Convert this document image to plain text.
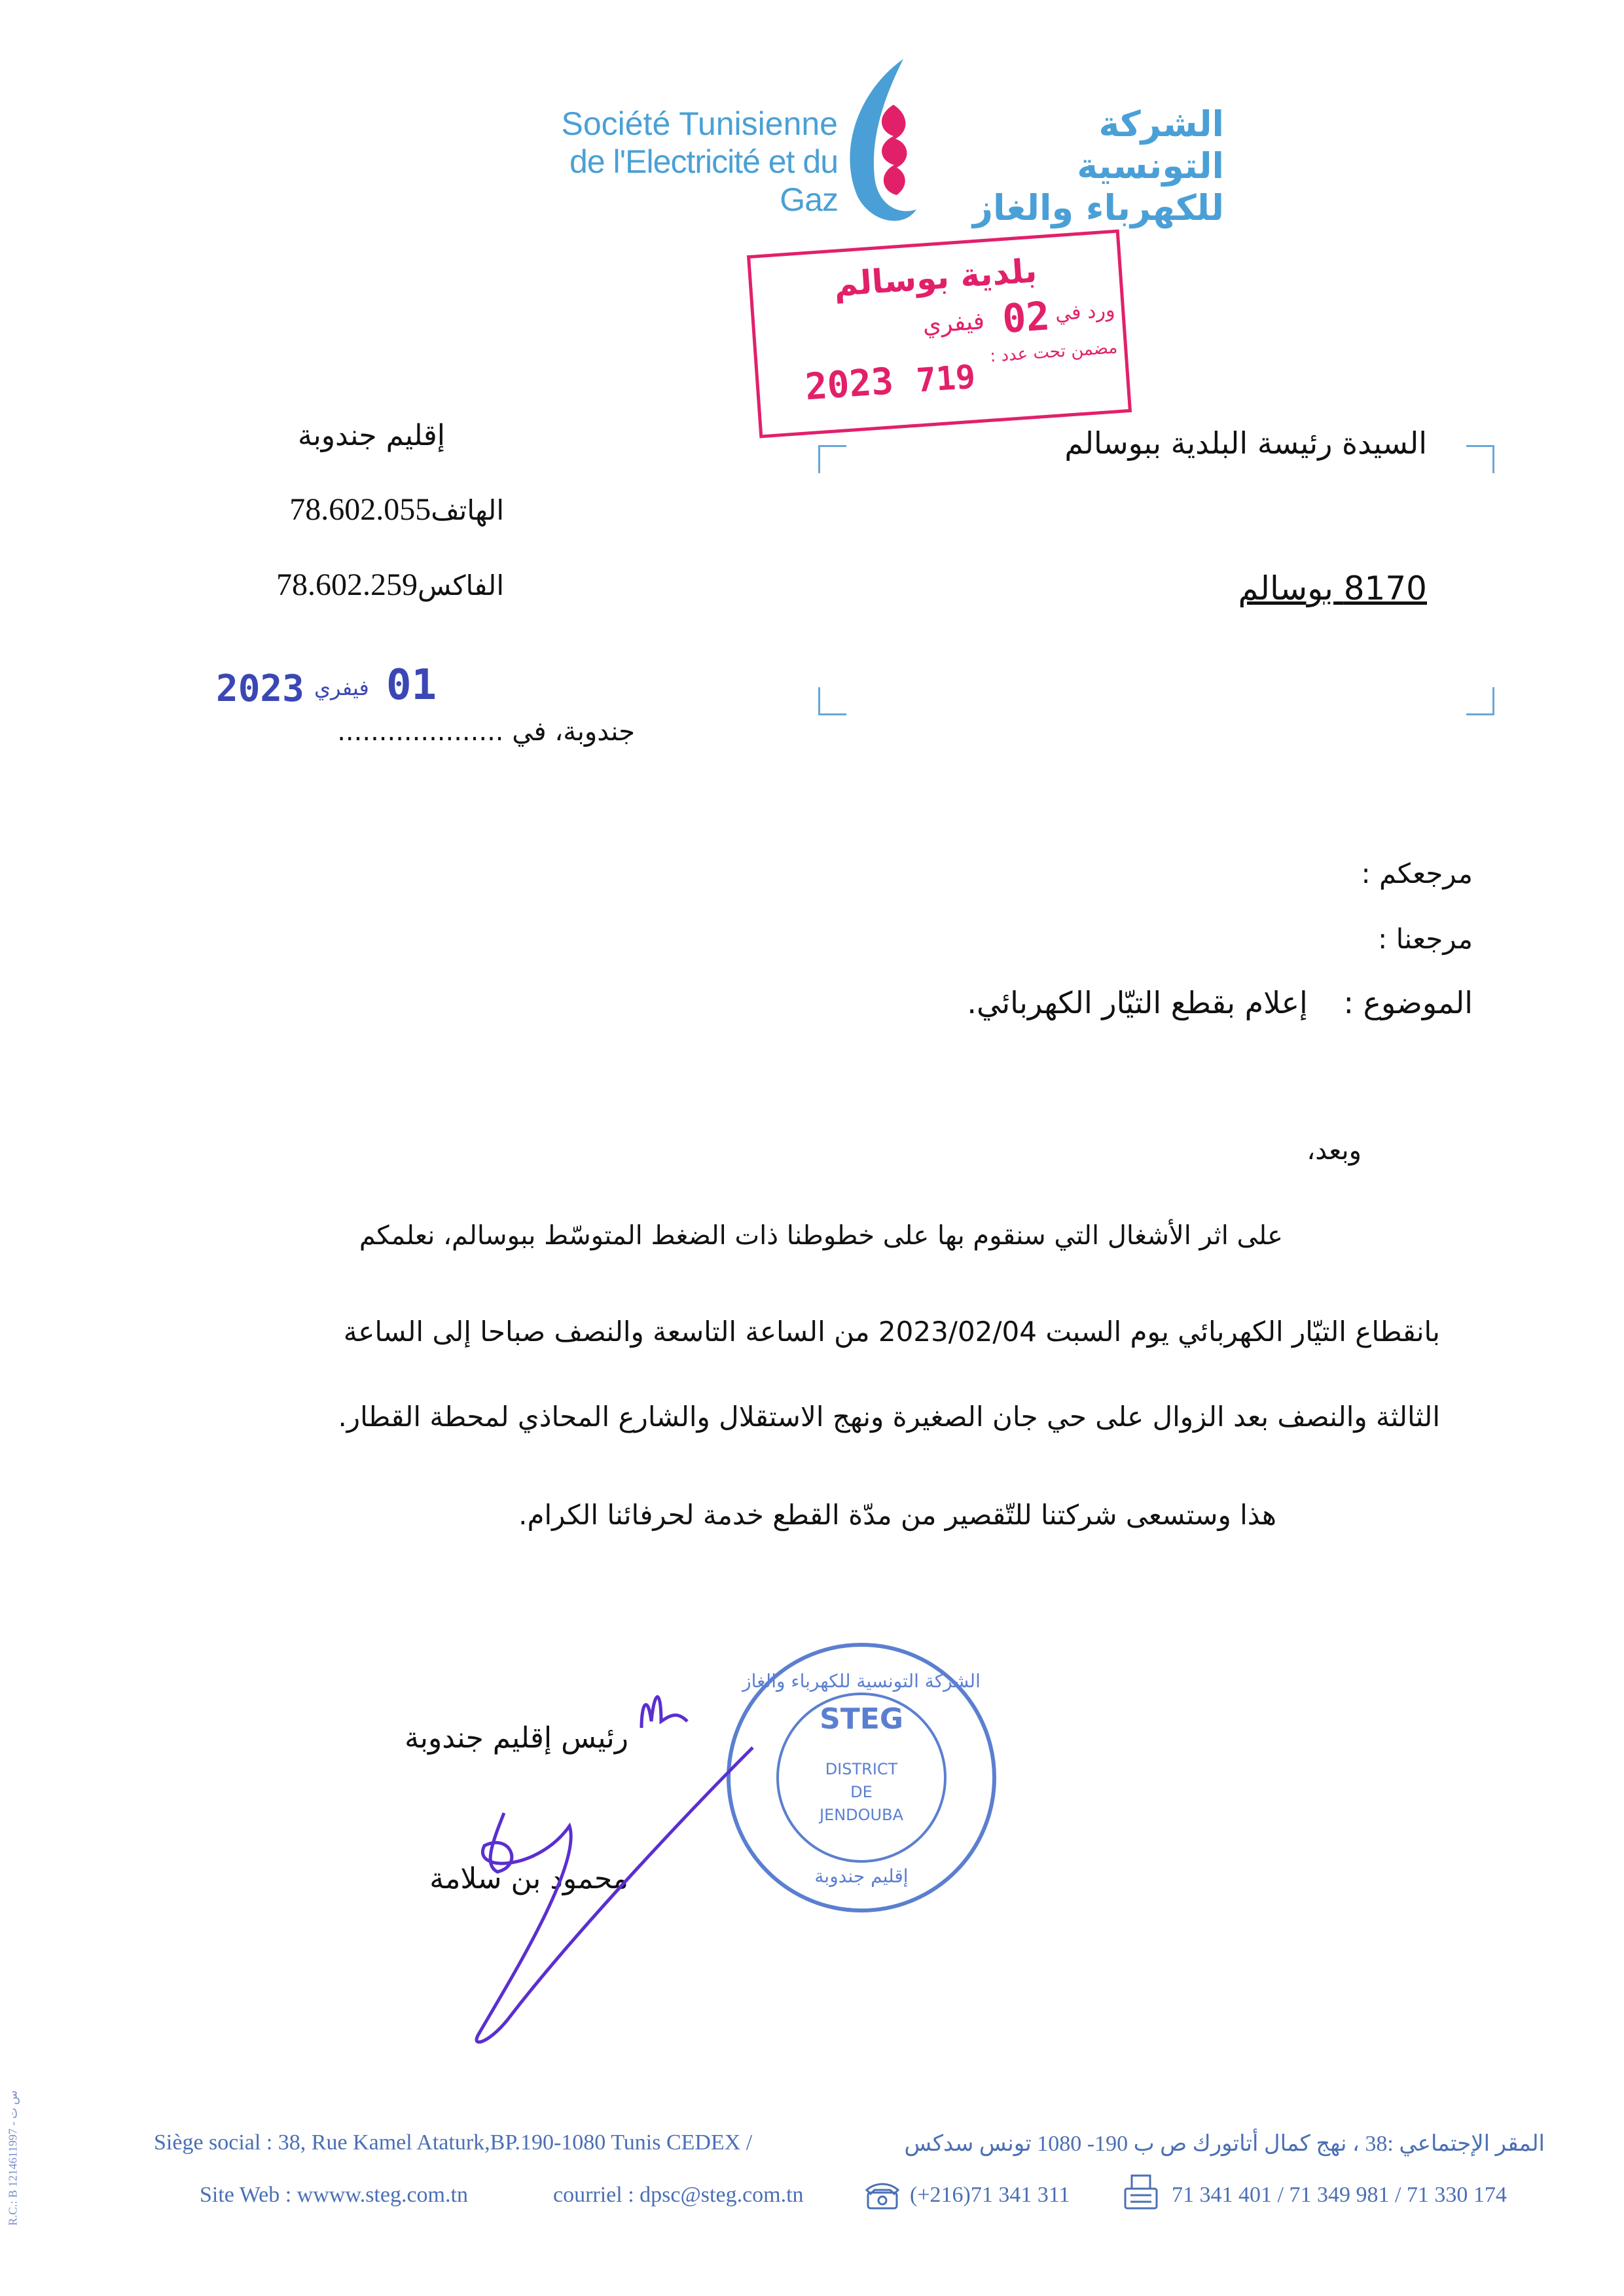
Société Tunisienne
de l'Electricité et du Gaz
الشركة التونسية
للكهرباء والغاز
بلدية بوسالم
ورد في
02
فيفري
2023
مضمن تحت عدد :
719
إقليم جندوبة
78.602.055الهاتف
78.602.259الفاكس
2023 فيفري 01
جندوبة، في ....................
السيدة رئيسة البلدية ببوسالم
8170 بوسالم
مرجعكم :
مرجعنا :
الموضوع : إعلام بقطع التيّار الكهربائي.
وبعد،
على اثر الأشغال التي سنقوم بها على خطوطنا ذات الضغط المتوسّط ببوسالم، نعلمكم
بانقطاع التيّار الكهربائي يوم السبت 2023/02/04 من الساعة التاسعة والنصف صباحا إلى الساعة
الثالثة والنصف بعد الزوال على حي جان الصغيرة ونهج الاستقلال والشارع المحاذي لمحطة القطار.
هذا وستسعى شركتنا للتّقصير من مدّة القطع خدمة لحرفائنا الكرام.
الشركة التونسية للكهرباء والغاز
إقليم جندوبة
STEG
DISTRICT
DE
JENDOUBA
رئيس إقليم جندوبة
محمود بن سلامة
R.C.: B 1214611997 - س ت
Siège social : 38, Rue Kamel Ataturk,BP.190-1080 Tunis CEDEX /	المقر الإجتماعي :38 ، نهج كمال أتاتورك ص ب 190- 1080 تونس سدكس
Site Web : wwww.steg.com.tn	courriel : dpsc@steg.com.tn	(+216)71 341 311	71 341 401 / 71 349 981 / 71 330 174
